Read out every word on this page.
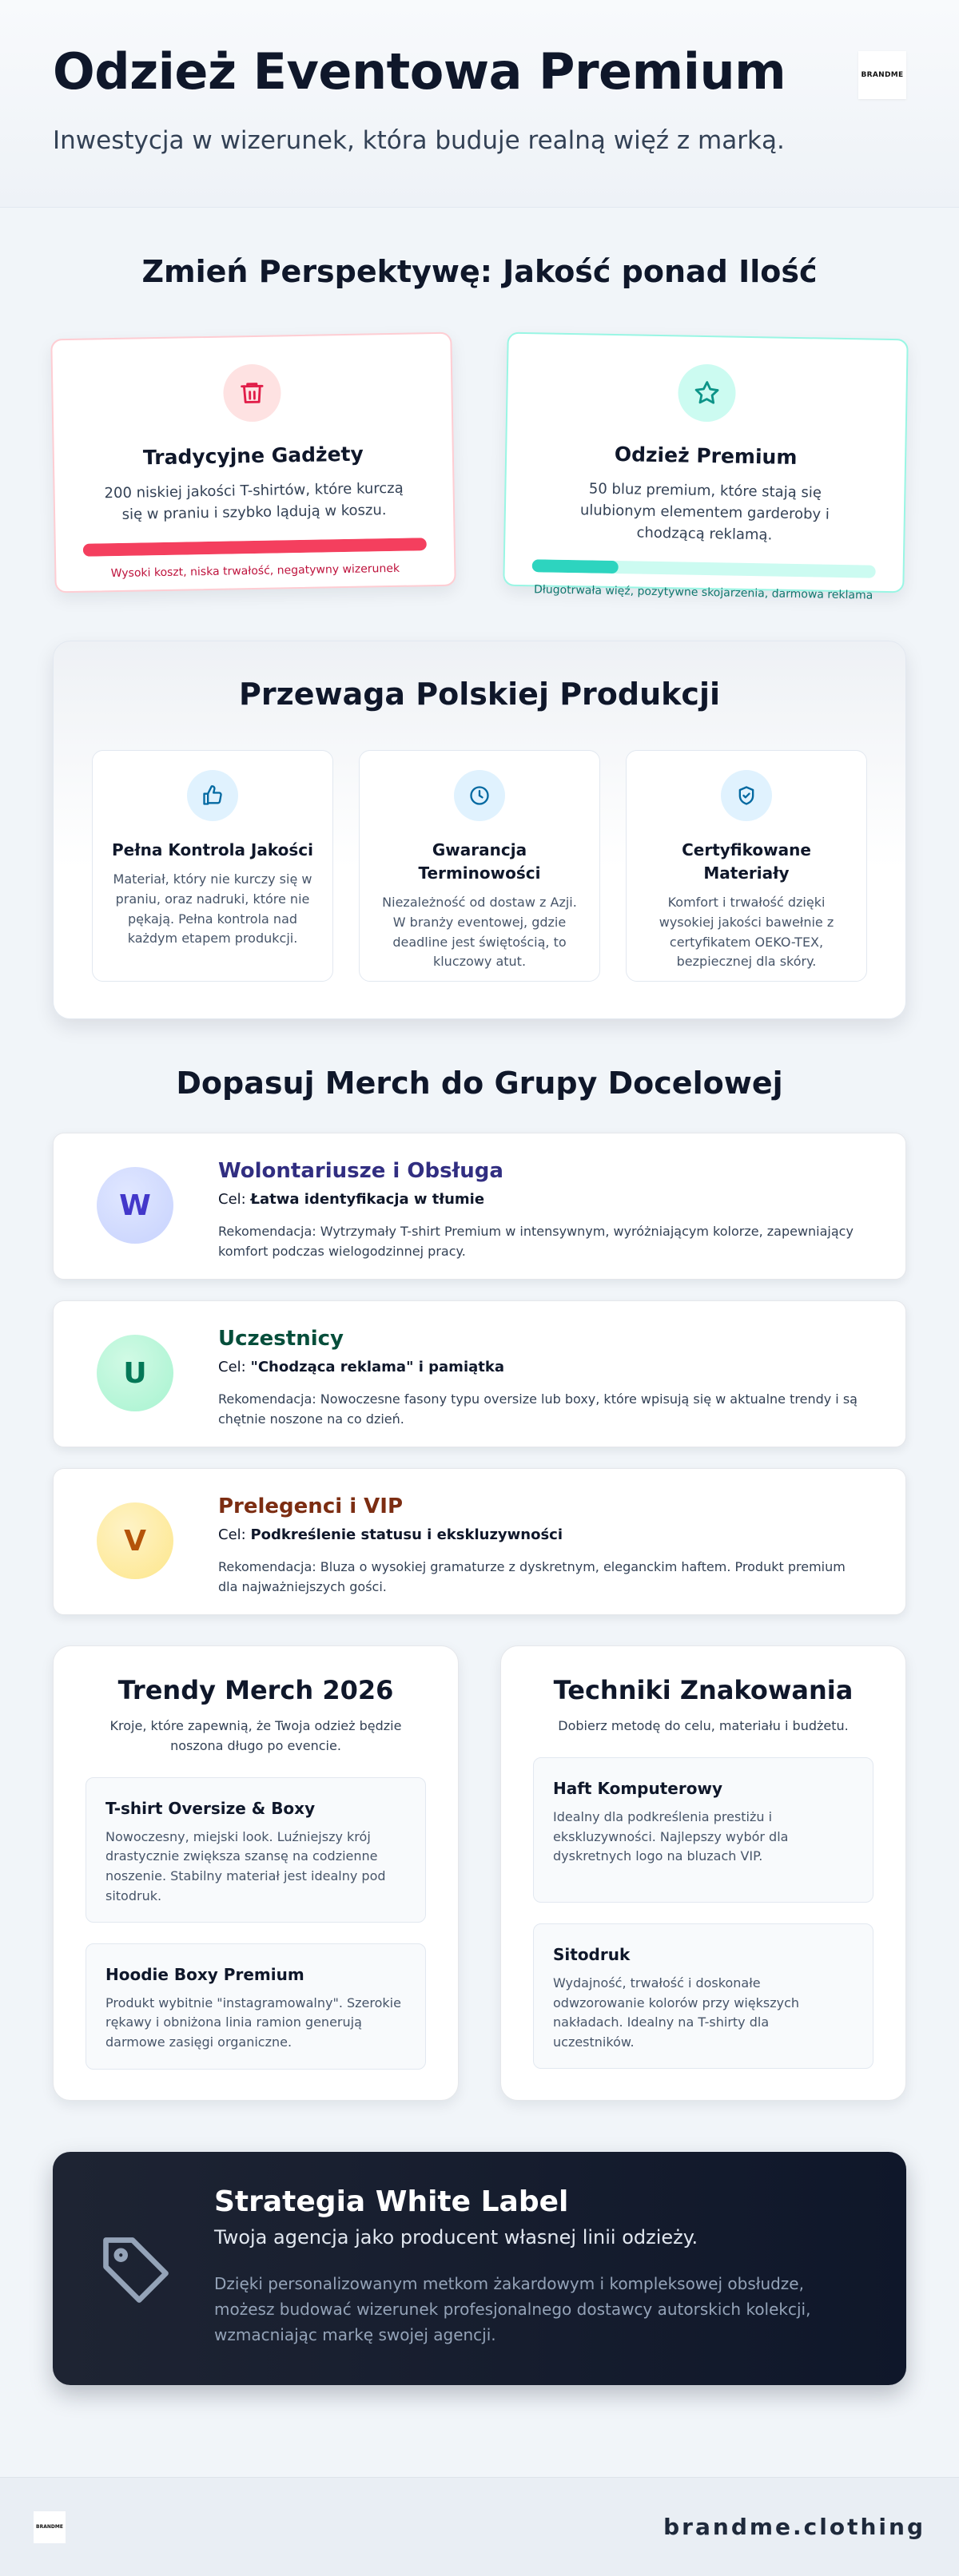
Odzież Eventowa Premium
Inwestycja w wizerunek, która buduje realną więź z marką.
BRANDME
Zmień Perspektywę: Jakość ponad Ilość
Tradycyjne Gadżety

200 niskiej jakości T-shirtów, które kurczą się w praniu i szybko lądują w koszu.

Wysoki koszt, niska trwałość, negatywny wizerunek
Odzież Premium

50 bluz premium, które stają się ulubionym elementem garderoby i chodzącą reklamą.

Długotrwała więź, pozytywne skojarzenia, darmowa reklama
Przewaga Polskiej Produkcji
Pełna Kontrola Jakości

Materiał, który nie kurczy się w praniu, oraz nadruki, które nie pękają. Pełna kontrola nad każdym etapem produkcji.

Gwarancja Terminowości

Niezależność od dostaw z Azji. W branży eventowej, gdzie deadline jest świętością, to kluczowy atut.

Certyfikowane Materiały

Komfort i trwałość dzięki wysokiej jakości bawełnie z certyfikatem OEKO-TEX, bezpiecznej dla skóry.

Dopasuj Merch do Grupy Docelowej
W
Wolontariusze i Obsługa
Cel: Łatwa identyfikacja w tłumie
Rekomendacja: Wytrzymały T-shirt Premium w intensywnym, wyróżniającym kolorze, zapewniający komfort podczas wielogodzinnej pracy.
U
Uczestnicy
Cel: "Chodząca reklama" i pamiątka
Rekomendacja: Nowoczesne fasony typu oversize lub boxy, które wpisują się w aktualne trendy i są chętnie noszone na co dzień.
V
Prelegenci i VIP
Cel: Podkreślenie statusu i ekskluzywności
Rekomendacja: Bluza o wysokiej gramaturze z dyskretnym, eleganckim haftem. Produkt premium dla najważniejszych gości.
Trendy Merch 2026
Kroje, które zapewnią, że Twoja odzież będzie noszona długo po evencie.
T-shirt Oversize & Boxy

Nowoczesny, miejski look. Luźniejszy krój drastycznie zwiększa szansę na codzienne noszenie. Stabilny materiał jest idealny pod sitodruk.

Hoodie Boxy Premium

Produkt wybitnie "instagramowalny". Szerokie rękawy i obniżona linia ramion generują darmowe zasięgi organiczne.

Techniki Znakowania
Dobierz metodę do celu, materiału i budżetu.
Haft Komputerowy

Idealny dla podkreślenia prestiżu i ekskluzywności. Najlepszy wybór dla dyskretnych logo na bluzach VIP.

Sitodruk

Wydajność, trwałość i doskonałe odwzorowanie kolorów przy większych nakładach. Idealny na T-shirty dla uczestników.

Strategia White Label
Twoja agencja jako producent własnej linii odzieży.
Dzięki personalizowanym metkom żakardowym i kompleksowej obsłudze, możesz budować wizerunek profesjonalnego dostawcy autorskich kolekcji, wzmacniając markę swojej agencji.
BRANDME	brandme.clothing
